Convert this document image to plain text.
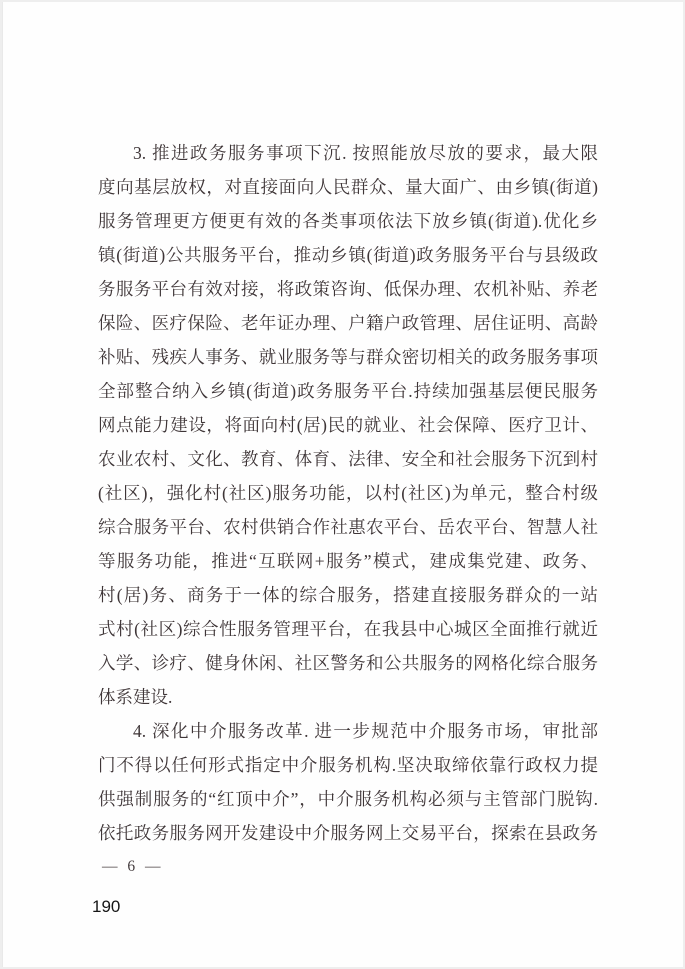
3. 推进政务服务事项下沉. 按照能放尽放的要求，最大限
度向基层放权，对直接面向人民群众、量大面广、由乡镇(街道)
服务管理更方便更有效的各类事项依法下放乡镇(街道).优化乡
镇(街道)公共服务平台，推动乡镇(街道)政务服务平台与县级政
务服务平台有效对接，将政策咨询、低保办理、农机补贴、养老
保险、医疗保险、老年证办理、户籍户政管理、居住证明、高龄
补贴、残疾人事务、就业服务等与群众密切相关的政务服务事项
全部整合纳入乡镇(街道)政务服务平台.持续加强基层便民服务
网点能力建设，将面向村(居)民的就业、社会保障、医疗卫计、
农业农村、文化、教育、体育、法律、安全和社会服务下沉到村
(社区)，强化村(社区)服务功能，以村(社区)为单元，整合村级
综合服务平台、农村供销合作社惠农平台、岳农平台、智慧人社
等服务功能，推进“互联网+服务”模式，建成集党建、政务、
村(居)务、商务于一体的综合服务，搭建直接服务群众的一站
式村(社区)综合性服务管理平台，在我县中心城区全面推行就近
入学、诊疗、健身休闲、社区警务和公共服务的网格化综合服务
体系建设.
4. 深化中介服务改革. 进一步规范中介服务市场，审批部
门不得以任何形式指定中介服务机构.坚决取缔依靠行政权力提
供强制服务的“红顶中介”，中介服务机构必须与主管部门脱钩.
依托政务服务网开发建设中介服务网上交易平台，探索在县政务
— 6 —
190
